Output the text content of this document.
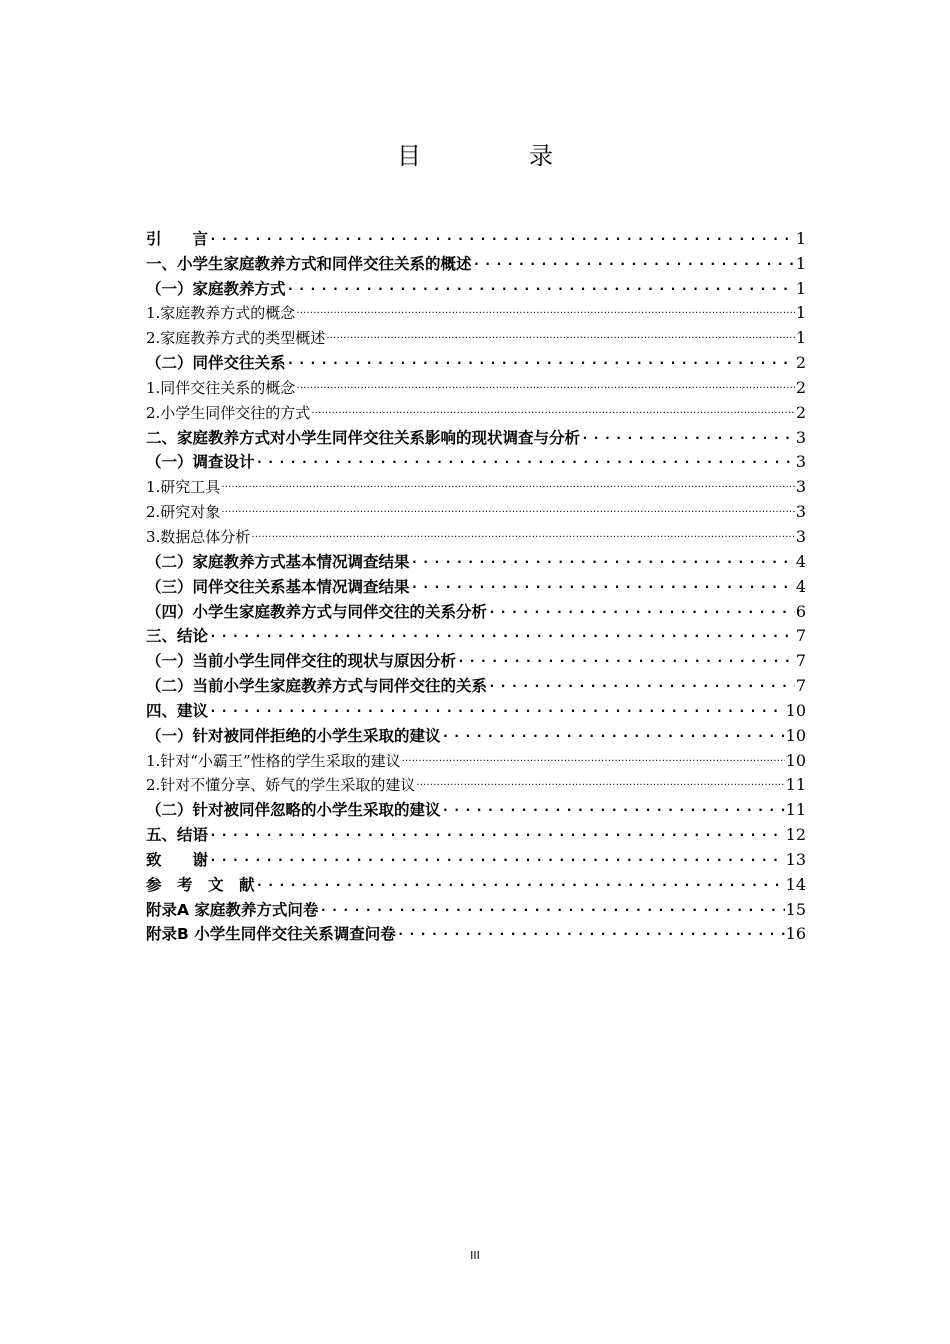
目　录
引　　言 . . .	1
一、小学生家庭教养方式和同伴交往关系的概述 . . .	1
（一）家庭教养方式 . . .	1
1.家庭教养方式的概念 .....	1
2.家庭教养方式的类型概述 .....	1
（二）同伴交往关系 . . .	2
1.同伴交往关系的概念 .....	2
2.小学生同伴交往的方式 .....	2
二、家庭教养方式对小学生同伴交往关系影响的现状调查与分析 . . .	3
（一）调查设计 . . .	3
1.研究工具 .....	3
2.研究对象 .....	3
3.数据总体分析 .....	3
（二）家庭教养方式基本情况调查结果 . . .	4
（三）同伴交往关系基本情况调查结果 . . .	4
（四）小学生家庭教养方式与同伴交往的关系分析 . . .	6
三、结论 . . .	7
（一）当前小学生同伴交往的现状与原因分析 . . .	7
（二）当前小学生家庭教养方式与同伴交往的关系 . . .	7
四、建议 . . .	10
（一）针对被同伴拒绝的小学生采取的建议 . . .	10
1.针对“小霸王”性格的学生采取的建议 .....	10
2.针对不懂分享、娇气的学生采取的建议 .....	11
（二）针对被同伴忽略的小学生采取的建议 . . .	11
五、结语 . . .	12
致　　谢 . . .	13
参　考　文　献 . . .	14
附录A 家庭教养方式问卷 . . .	15
附录B 小学生同伴交往关系调查问卷 . . .	16
III
